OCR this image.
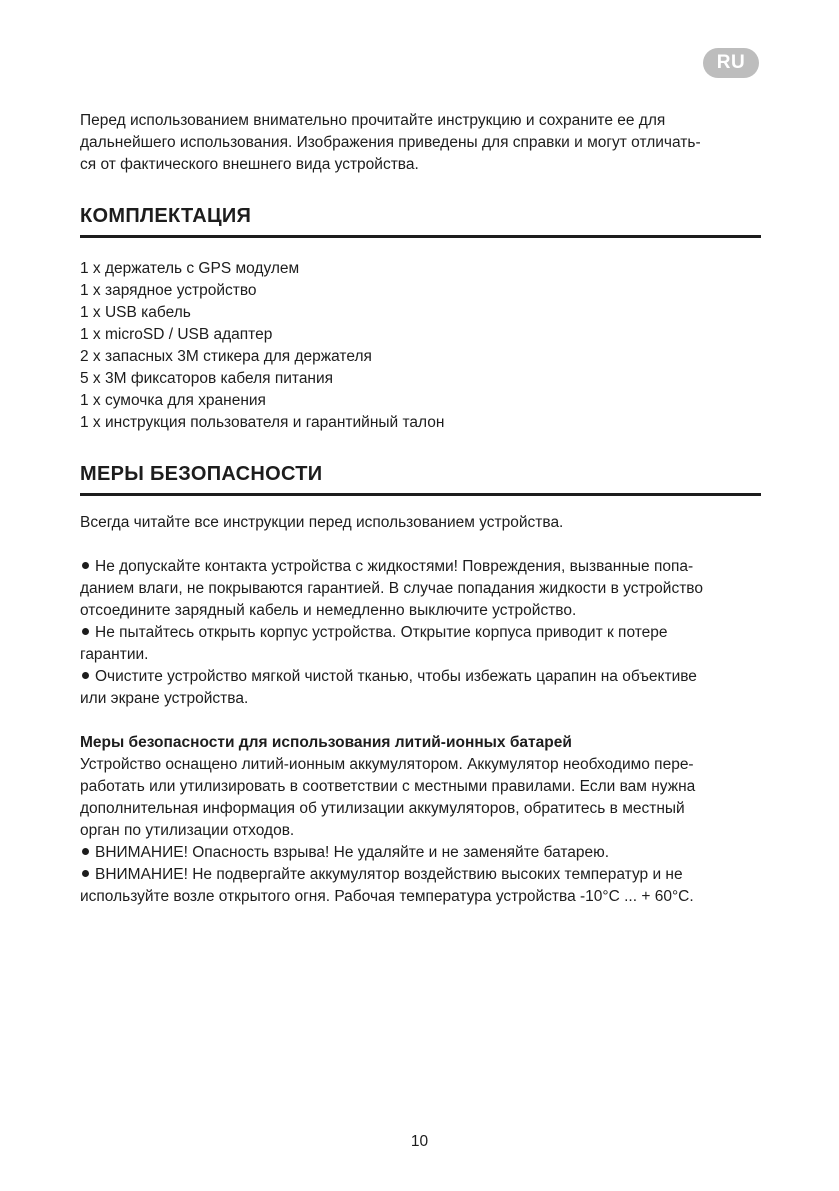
RU

Перед использованием внимательно прочитайте инструкцию и сохраните ее для

дальнейшего использования. Изображения приведены для справки и могут отличать-

ся от фактического внешнего вида устройства.

КОМПЛЕКТАЦИЯ
1 x держатель с GPS модулем
1 x зарядное устройство
1 x USB кабель
1 x microSD / USB адаптер
2 x запасных 3M стикера для держателя
5 x 3M фиксаторов кабеля питания
1 x сумочка для хранения
1 x инструкция пользователя и гарантийный талон
МЕРЫ БЕЗОПАСНОСТИ

Всегда читайте все инструкции перед использованием устройства.

Не допускайте контакта устройства с жидкостями! Повреждения, вызванные попа-

данием влаги, не покрываются гарантией. В случае попадания жидкости в устройство

отсоедините зарядный кабель и немедленно выключите устройство.

Не пытайтесь открыть корпус устройства. Открытие корпуса приводит к потере

гарантии.

Очистите устройство мягкой чистой тканью, чтобы избежать царапин на объективе

или экране устройства.

Меры безопасности для использования литий-ионных батарей

Устройство оснащено литий-ионным аккумулятором. Аккумулятор необходимо пере-

работать или утилизировать в соответствии с местными правилами. Если вам нужна

дополнительная информация об утилизации аккумуляторов, обратитесь в местный

орган по утилизации отходов.

ВНИМАНИЕ! Опасность взрыва! Не удаляйте и не заменяйте батарею.

ВНИМАНИЕ! Не подвергайте аккумулятор воздействию высоких температур и не

используйте возле открытого огня. Рабочая температура устройства -10°C ... + 60°C.

10
